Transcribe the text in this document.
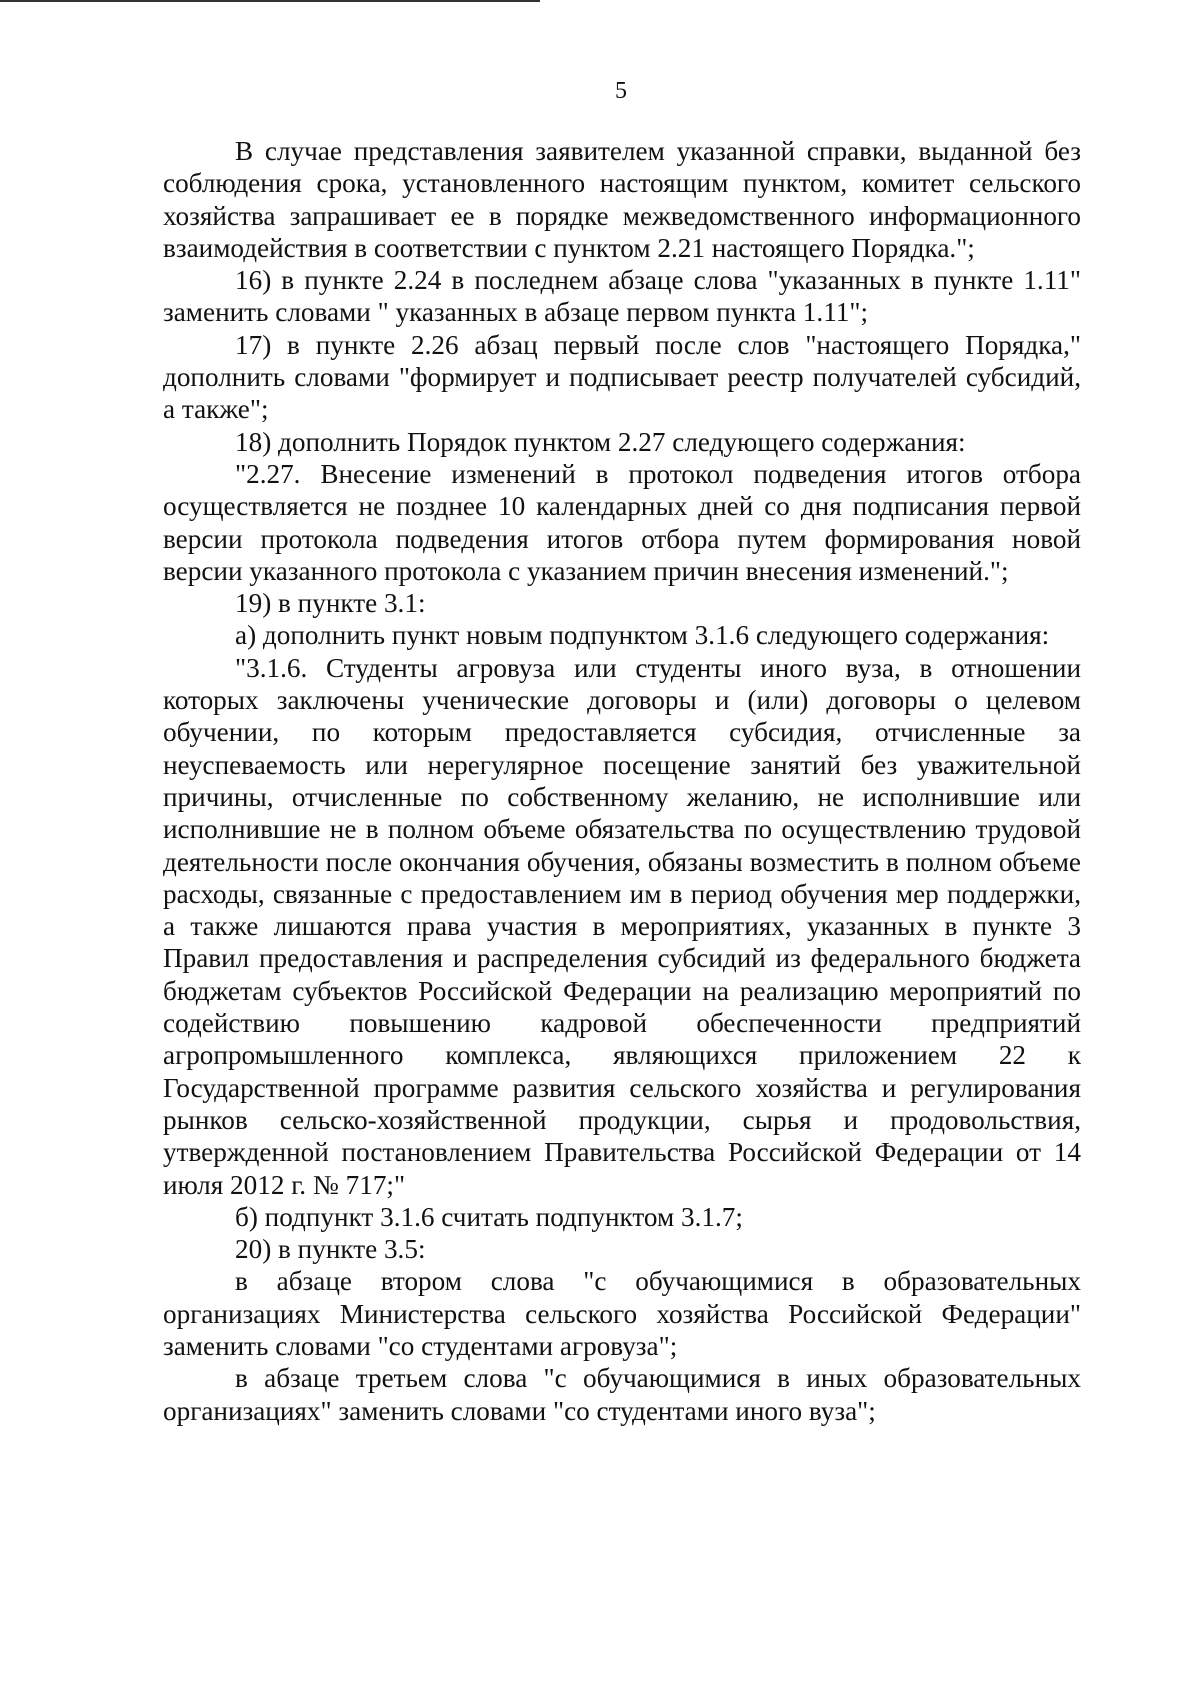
5

В случае представления заявителем указанной справки, выданной без соблюдения срока, установленного настоящим пунктом, комитет сельского хозяйства запрашивает ее в порядке межведомственного информационного взаимодействия в соответствии с пунктом 2.21 настоящего Порядка.";

16) в пункте 2.24 в последнем абзаце слова "указанных в пункте 1.11" заменить словами " указанных в абзаце первом пункта 1.11";

17) в пункте 2.26 абзац первый после слов "настоящего Порядка," дополнить словами "формирует и подписывает реестр получателей субсидий, а также";

18) дополнить Порядок пунктом 2.27 следующего содержания:

"2.27. Внесение изменений в протокол подведения итогов отбора осуществляется не позднее 10 календарных дней со дня подписания первой версии протокола подведения итогов отбора путем формирования новой версии указанного протокола с указанием причин внесения изменений.";

19) в пункте 3.1:

а) дополнить пункт новым подпунктом 3.1.6 следующего содержания:

"3.1.6. Студенты агровуза или студенты иного вуза, в отношении которых заключены ученические договоры и (или) договоры о целевом обучении, по которым предоставляется субсидия, отчисленные за неуспеваемость или нерегулярное посещение занятий без уважительной причины, отчисленные по собственному желанию, не исполнившие или исполнившие не в полном объеме обязательства по осуществлению трудовой деятельности после окончания обучения, обязаны возместить в полном объеме расходы, связанные с предоставлением им в период обучения мер поддержки, а также лишаются права участия в мероприятиях, указанных в пункте 3 Правил предоставления и распределения субсидий из федерального бюджета бюджетам субъектов Российской Федерации на реализацию мероприятий по содействию повышению кадровой обеспеченности предприятий агропромышленного комплекса, являющихся приложением 22 к Государственной программе развития сельского хозяйства и регулирования рынков сельско-хозяйственной продукции, сырья и продовольствия, утвержденной постановлением Правительства Российской Федерации от 14 июля 2012 г. № 717;"

б) подпункт 3.1.6 считать подпунктом 3.1.7;

20) в пункте 3.5:

в абзаце втором слова "с обучающимися в образовательных организациях Министерства сельского хозяйства Российской Федерации" заменить словами "со студентами агровуза";

в абзаце третьем слова "с обучающимися в иных образовательных организациях" заменить словами "со студентами иного вуза";
